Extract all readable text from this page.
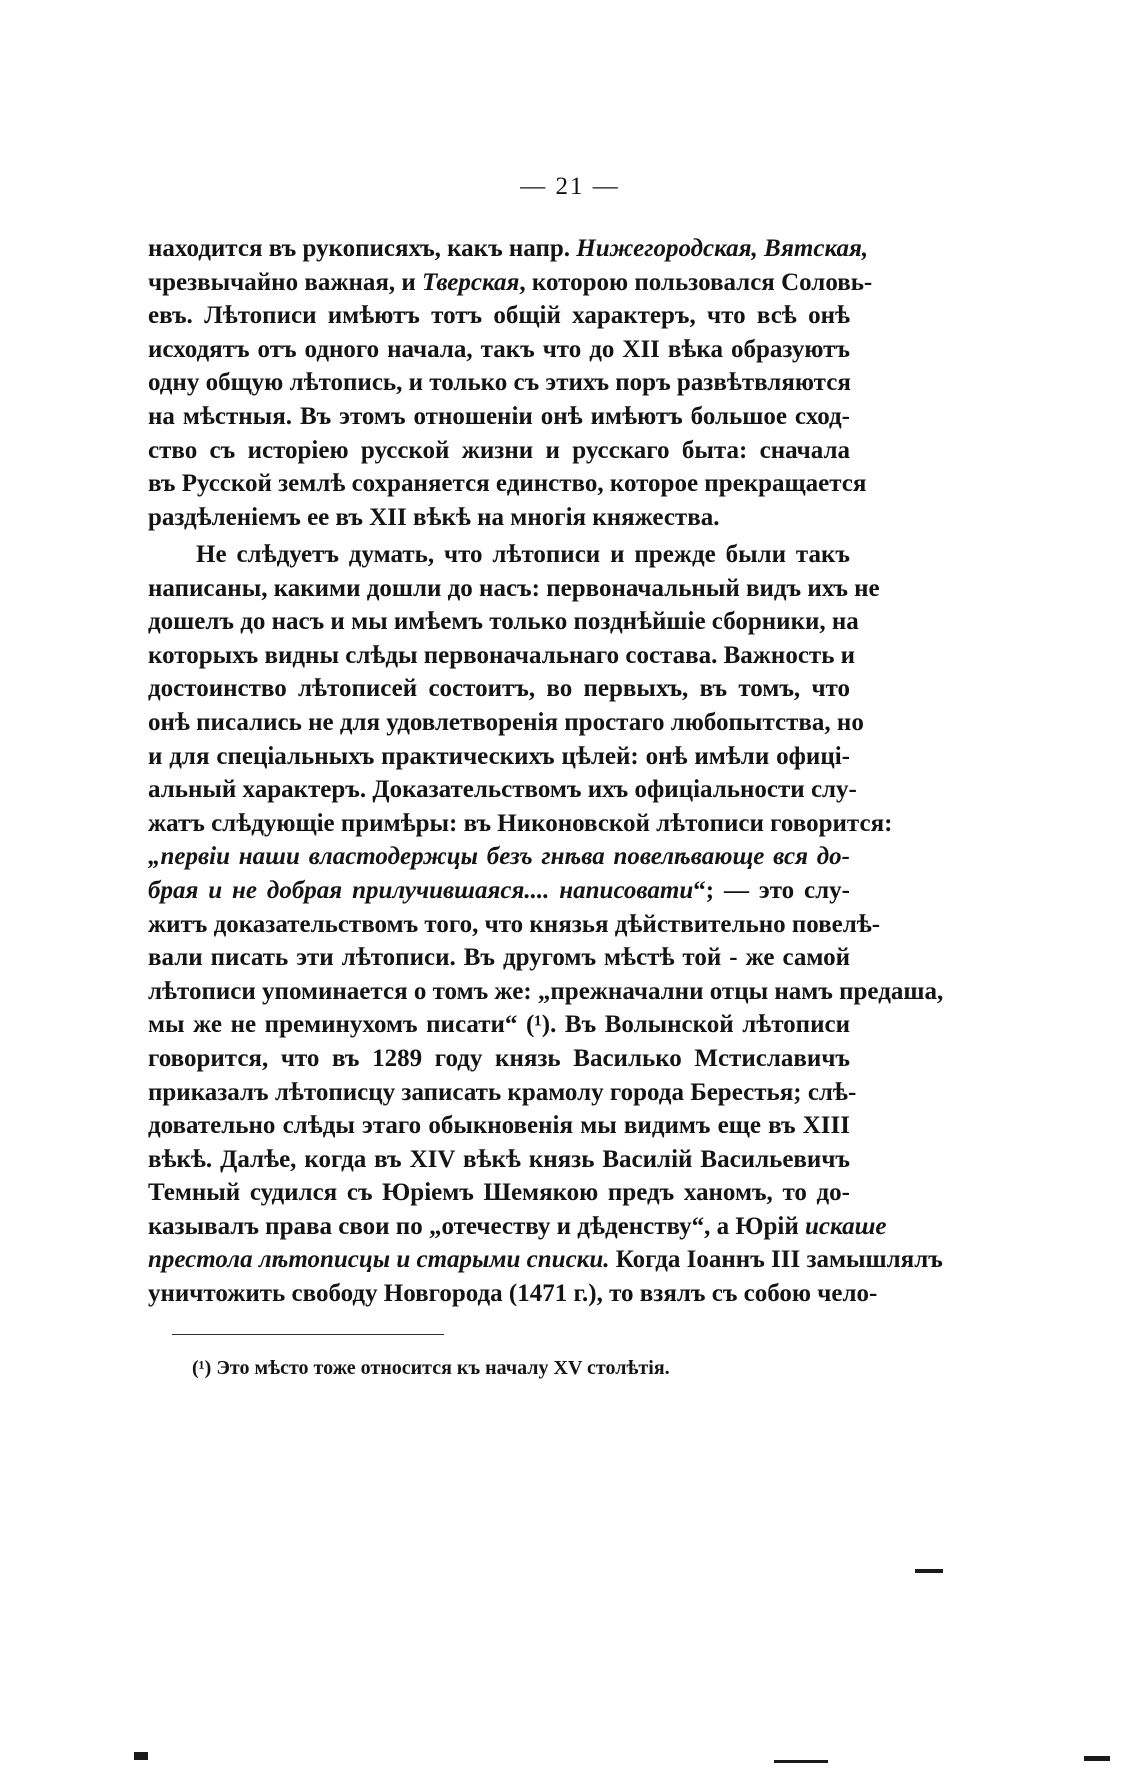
— 21 —
находится въ рукописяхъ, какъ напр. Нижегородская, Вятская,
чрезвычайно важная, и Тверская, которою пользовался Соловь-
евъ. Лѣтописи имѣютъ тотъ общій характеръ, что всѣ онѣ
исходятъ отъ одного начала, такъ что до XII вѣка образуютъ
одну общую лѣтопись, и только съ этихъ поръ развѣтвляются
на мѣстныя. Въ этомъ отношеніи онѣ имѣютъ большое сход-
ство съ исторіею русской жизни и русскаго быта: сначала
въ Русской землѣ сохраняется единство, которое прекращается
раздѣленіемъ ее въ XII вѣкѣ на многія княжества.
Не слѣдуетъ думать, что лѣтописи и прежде были такъ
написаны, какими дошли до насъ: первоначальный видъ ихъ не
дошелъ до насъ и мы имѣемъ только позднѣйшіе сборники, на
которыхъ видны слѣды первоначальнаго состава. Важность и
достоинство лѣтописей состоитъ, во первыхъ, въ томъ, что
онѣ писались не для удовлетворенія простаго любопытства, но
и для спеціальныхъ практическихъ цѣлей: онѣ имѣли офиці-
альный характеръ. Доказательствомъ ихъ офиціальности слу-
жатъ слѣдующіе примѣры: въ Никоновской лѣтописи говорится:
„первіи наши властодержцы безъ гнѣва повелѣвающе вся до-
брая и не добрая прилучившаяся.... написовати“; — это слу-
житъ доказательствомъ того, что князья дѣйствительно повелѣ-
вали писать эти лѣтописи. Въ другомъ мѣстѣ той - же самой
лѣтописи упоминается о томъ же: „прежначални отцы намъ предаша,
мы же не преминухомъ писати“ (¹). Въ Волынской лѣтописи
говорится, что въ 1289 году князь Василько Мстиславичъ
приказалъ лѣтописцу записать крамолу города Берестья; слѣ-
довательно слѣды этаго обыкновенія мы видимъ еще въ XIII
вѣкѣ. Далѣе, когда въ XIV вѣкѣ князь Василій Васильевичъ
Темный судился съ Юріемъ Шемякою предъ ханомъ, то до-
казывалъ права свои по „отечеству и дѣденству“, а Юрій искаше
престола лѣтописцы и старыми списки. Когда Іоаннъ III замышлялъ
уничтожить свободу Новгорода (1471 г.), то взялъ съ собою чело-
(¹) Это мѣсто тоже относится къ началу XV столѣтія.
